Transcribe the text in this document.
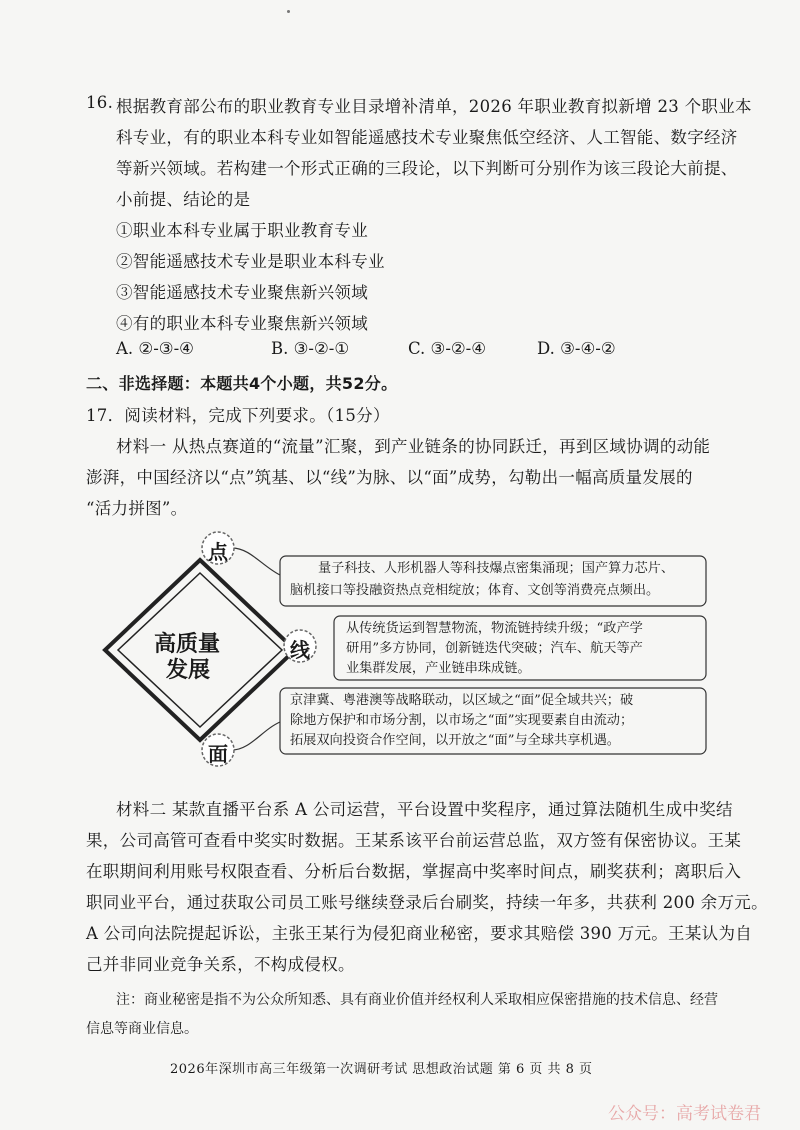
16. 根据教育部公布的职业教育专业目录增补清单，2026 年职业教育拟新增 23 个职业本
科专业，有的职业本科专业如智能遥感技术专业聚焦低空经济、人工智能、数字经济
等新兴领域。若构建一个形式正确的三段论，以下判断可分别作为该三段论大前提、
小前提、结论的是
①职业本科专业属于职业教育专业
②智能遥感技术专业是职业本科专业
③智能遥感技术专业聚焦新兴领域
④有的职业本科专业聚焦新兴领域
A. ②-③-④	B. ③-②-①	C. ③-②-④	D. ③-④-②
二、非选择题：本题共4个小题，共52分。
17．阅读材料，完成下列要求。（15分）
材料一 从热点赛道的“流量”汇聚，到产业链条的协同跃迁，再到区域协调的动能
澎湃，中国经济以“点”筑基、以“线”为脉、以“面”成势，勾勒出一幅高质量发展的
“活力拼图”。
高质量
发展
点
线
面
量子科技、人形机器人等科技爆点密集涌现；国产算力芯片、
脑机接口等投融资热点竞相绽放；体育、文创等消费亮点频出。
从传统货运到智慧物流，物流链持续升级；“政产学
研用”多方协同，创新链迭代突破；汽车、航天等产
业集群发展，产业链串珠成链。
京津冀、粤港澳等战略联动，以区域之“面”促全域共兴；破
除地方保护和市场分割，以市场之“面”实现要素自由流动；
拓展双向投资合作空间，以开放之“面”与全球共享机遇。
材料二 某款直播平台系 A 公司运营，平台设置中奖程序，通过算法随机生成中奖结
果，公司高管可查看中奖实时数据。王某系该平台前运营总监，双方签有保密协议。王某
在职期间利用账号权限查看、分析后台数据，掌握高中奖率时间点，刷奖获利；离职后入
职同业平台，通过获取公司员工账号继续登录后台刷奖，持续一年多，共获利 200 余万元。
A 公司向法院提起诉讼，主张王某行为侵犯商业秘密，要求其赔偿 390 万元。王某认为自
己并非同业竞争关系，不构成侵权。
注：商业秘密是指不为公众所知悉、具有商业价值并经权利人采取相应保密措施的技术信息、经营
信息等商业信息。
2026年深圳市高三年级第一次调研考试 思想政治试题 第 6 页 共 8 页
公众号：高考试卷君
